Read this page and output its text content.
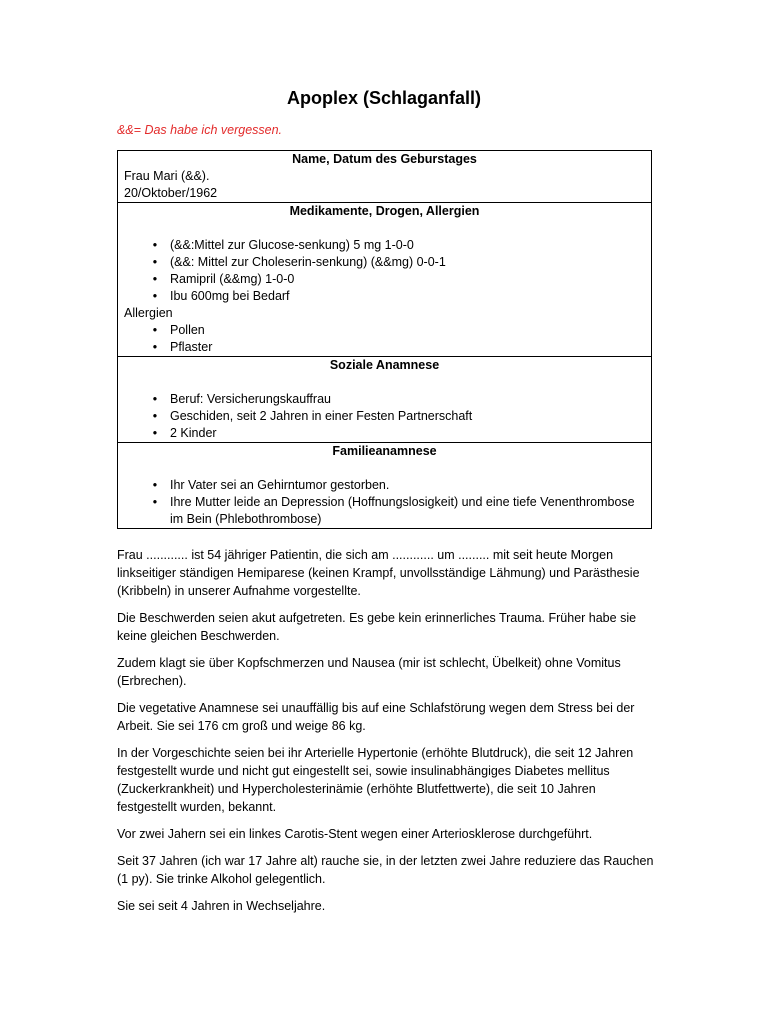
Apoplex (Schlaganfall)
&&= Das habe ich vergessen.
Name, Datum des Geburstages
Frau Mari (&&).
20/Oktober/1962

Medikamente, Drogen, Allergien
• (&&:Mittel zur Glucose-senkung) 5 mg 1-0-0
• (&&: Mittel zur Choleserin-senkung) (&&mg) 0-0-1
• Ramipril (&&mg) 1-0-0
• Ibu 600mg bei Bedarf
Allergien
• Pollen
• Pflaster

Soziale Anamnese
• Beruf: Versicherungskauffrau
• Geschiden, seit 2 Jahren in einer Festen Partnerschaft
• 2 Kinder

Familieanamnese
• Ihr Vater sei an Gehirntumor gestorben.
• Ihre Mutter leide an Depression (Hoffnungslosigkeit) und eine tiefe Venenthrombose im Bein (Phlebothrombose)

Frau ............ ist 54 jähriger Patientin, die sich am ............ um ......... mit seit heute Morgen linkseitiger ständigen Hemiparese (keinen Krampf, unvollsständige Lähmung) und Parästhesie (Kribbeln) in unserer Aufnahme vorgestellte.

Die Beschwerden seien akut aufgetreten. Es gebe kein erinnerliches Trauma. Früher habe sie keine gleichen Beschwerden.

Zudem klagt sie über Kopfschmerzen und Nausea (mir ist schlecht, Übelkeit) ohne Vomitus (Erbrechen).

Die vegetative Anamnese sei unauffällig bis auf eine Schlafstörung wegen dem Stress bei der Arbeit. Sie sei 176 cm groß und weige 86 kg.

In der Vorgeschichte seien bei ihr Arterielle Hypertonie (erhöhte Blutdruck), die seit 12 Jahren festgestellt wurde und nicht gut eingestellt sei, sowie insulinabhängiges Diabetes mellitus (Zuckerkrankheit) und Hypercholesterinämie (erhöhte Blutfettwerte), die seit 10 Jahren festgestellt wurden, bekannt.

Vor zwei Jahern sei ein linkes Carotis-Stent wegen einer Arteriosklerose durchgeführt.

Seit 37 Jahren (ich war 17 Jahre alt) rauche sie, in der letzten zwei Jahre reduziere das Rauchen (1 py). Sie trinke Alkohol gelegentlich.

Sie sei seit 4 Jahren in Wechseljahre.
